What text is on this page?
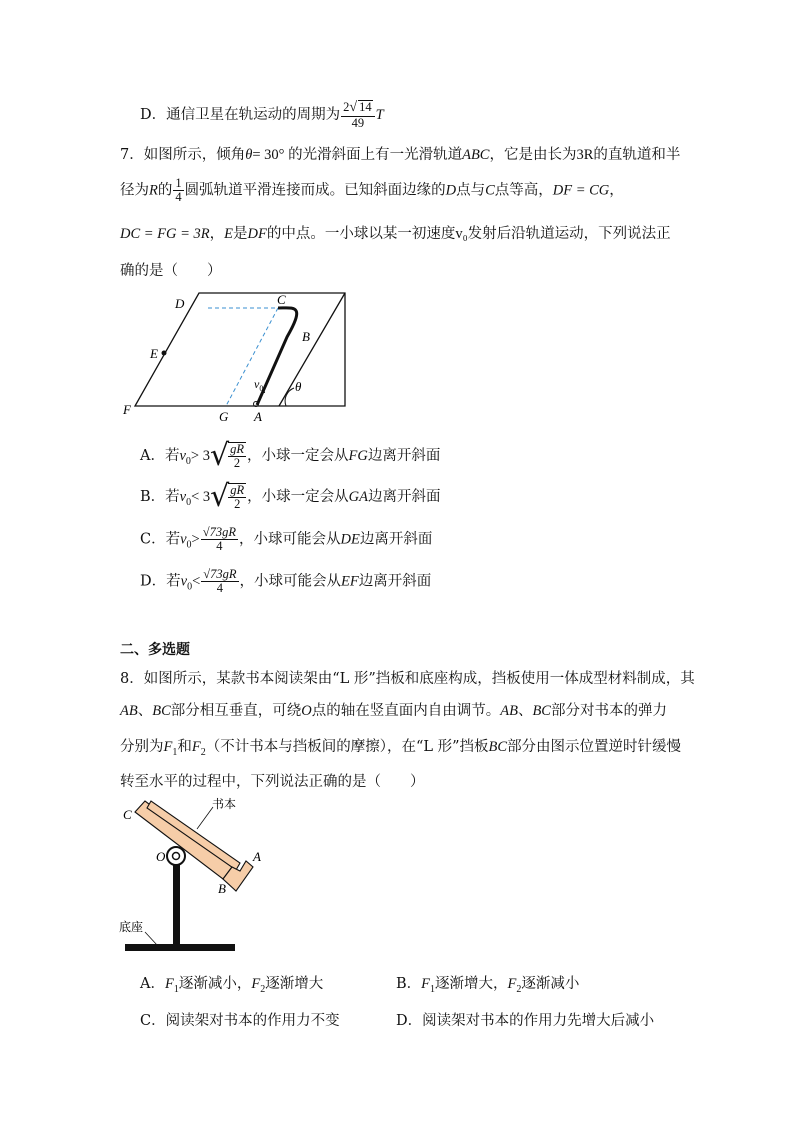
D．通信卫星在轨运动的周期为 $\frac{2√ 14}{49}$ T
7．如图所示，倾角θ= 30° 的光滑斜面上有一光滑轨道ABC，它是由长为3R的直轨道和半
径为R的 $\frac{1}{4}$ 圆弧轨道平滑连接而成。已知斜面边缘的D点与C点等高，DF = CG，
DC = FG = 3R，E是DF的中点。一小球以某一初速度v₀发射后沿轨道运动，下列说法正
确的是（　　）
D	C
B
E
F	G A
θ
$v_0$
A．若$v_0> 3√ \frac{gR}{2}$ ，小球一定会从FG边离开斜面
B．若$v_0< 3√ \frac{gR}{2}$ ，小球一定会从GA边离开斜面
C．若$v_0> \frac{√73gR}{4}$ ，小球可能会从DE边离开斜面
D．若$v_0< \frac{√73gR}{4}$ ，小球可能会从EF边离开斜面
二、多选题
8．如图所示，某款书本阅读架由“L 形”挡板和底座构成，挡板使用一体成型材料制成，其
AB、BC部分相互垂直，可绕O点的轴在竖直面内自由调节。AB、BC部分对书本的弹力
分别为$F_1$和$F_2$（不计书本与挡板间的摩擦），在“L 形”挡板BC部分由图示位置逆时针缓慢
转至水平的过程中，下列说法正确的是（　　）
C
书本
O	A
B
底座
A．$F_1$逐渐减小，$F_2$逐渐增大	B．$F_1$逐渐增大，$F_2$逐渐减小
C．阅读架对书本的作用力不变	D．阅读架对书本的作用力先增大后减小
